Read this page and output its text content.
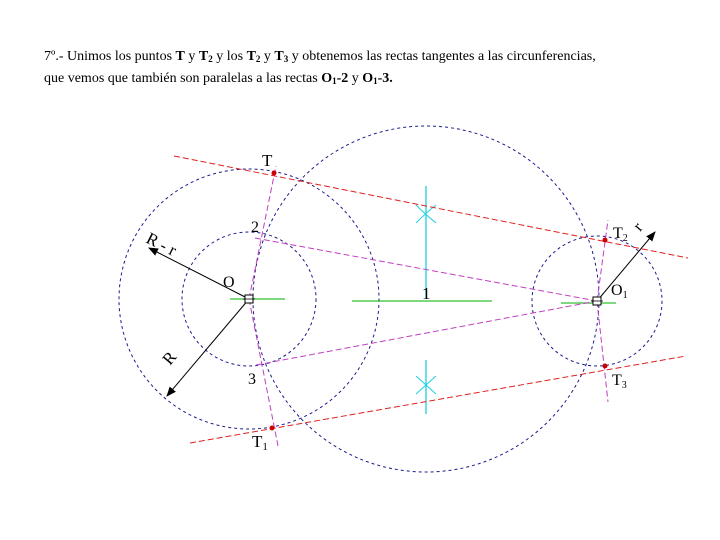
7º.- Unimos los puntos T y $T_2$ y los $T_2$ y $T_3$ y obtenemos las rectas tangentes a las circunferencias,
que vemos que también son paralelas a las rectas $O_1-2$ y $O_1-3$.
T
T1
T2
T3
2
3
O	O1
1
R - r
R
r
